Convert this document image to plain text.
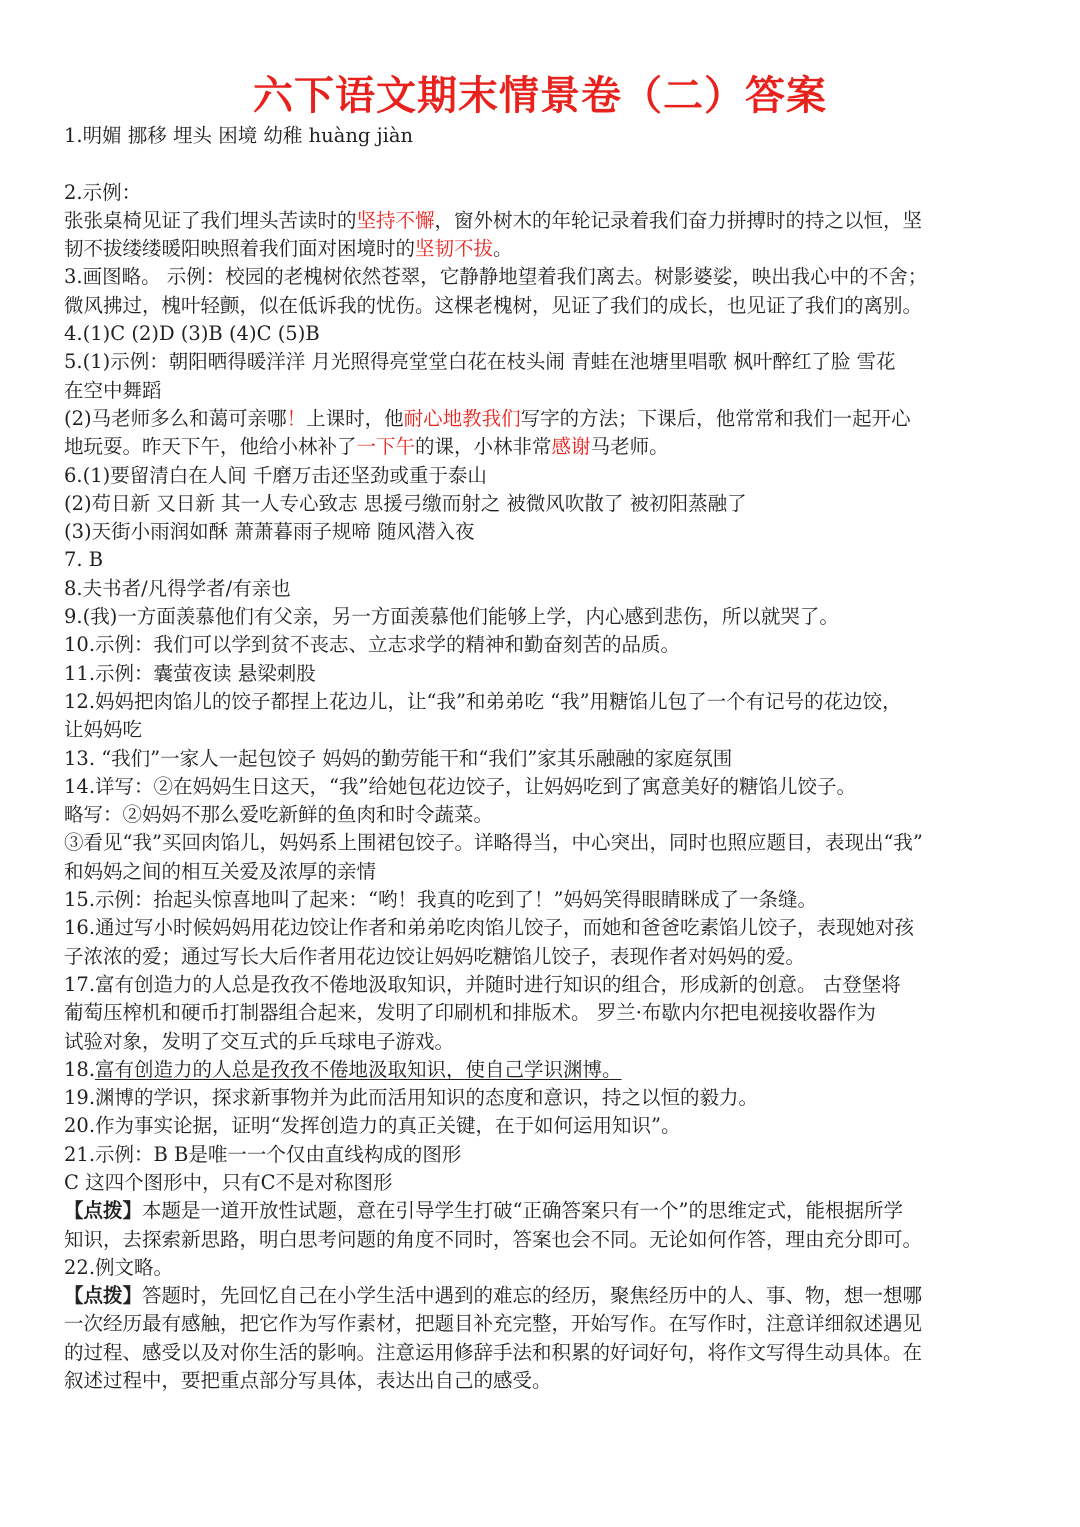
六下语文期末情景卷（二）答案
1.明媚 挪移 埋头 困境 幼稚 huàng jiàn
2.示例：
张张桌椅见证了我们埋头苦读时的坚持不懈，窗外树木的年轮记录着我们奋力拼搏时的持之以恒，坚
韧不拔缕缕暖阳映照着我们面对困境时的坚韧不拔。
3.画图略。 示例：校园的老槐树依然苍翠，它静静地望着我们离去。树影婆娑，映出我心中的不舍；
微风拂过，槐叶轻颤，似在低诉我的忧伤。这棵老槐树，见证了我们的成长，也见证了我们的离别。
4.(1)C (2)D (3)B (4)C (5)B
5.(1)示例：朝阳晒得暖洋洋 月光照得亮堂堂白花在枝头闹 青蛙在池塘里唱歌 枫叶醉红了脸 雪花
在空中舞蹈
(2)马老师多么和蔼可亲哪！上课时，他耐心地教我们写字的方法；下课后，他常常和我们一起开心
地玩耍。昨天下午，他给小林补了一下午的课，小林非常感谢马老师。
6.(1)要留清白在人间 千磨万击还坚劲或重于泰山
(2)苟日新 又日新 其一人专心致志 思援弓缴而射之 被微风吹散了 被初阳蒸融了
(3)天街小雨润如酥 萧萧暮雨子规啼 随风潜入夜
7. B
8.夫书者/凡得学者/有亲也
9.(我)一方面羡慕他们有父亲，另一方面羡慕他们能够上学，内心感到悲伤，所以就哭了。
10.示例：我们可以学到贫不丧志、立志求学的精神和勤奋刻苦的品质。
11.示例：囊萤夜读 悬梁刺股
12.妈妈把肉馅儿的饺子都捏上花边儿，让“我”和弟弟吃 “我”用糖馅儿包了一个有记号的花边饺，
让妈妈吃
13. “我们”一家人一起包饺子 妈妈的勤劳能干和“我们”家其乐融融的家庭氛围
14.详写：②在妈妈生日这天，“我”给她包花边饺子，让妈妈吃到了寓意美好的糖馅儿饺子。
略写：②妈妈不那么爱吃新鲜的鱼肉和时令蔬菜。
③看见“我”买回肉馅儿，妈妈系上围裙包饺子。详略得当，中心突出，同时也照应题目，表现出“我”
和妈妈之间的相互关爱及浓厚的亲情
15.示例：抬起头惊喜地叫了起来：“哟！我真的吃到了！”妈妈笑得眼睛眯成了一条缝。
16.通过写小时候妈妈用花边饺让作者和弟弟吃肉馅儿饺子，而她和爸爸吃素馅儿饺子，表现她对孩
子浓浓的爱；通过写长大后作者用花边饺让妈妈吃糖馅儿饺子，表现作者对妈妈的爱。
17.富有创造力的人总是孜孜不倦地汲取知识，并随时进行知识的组合，形成新的创意。 古登堡将
葡萄压榨机和硬币打制器组合起来，发明了印刷机和排版术。 罗兰·布歇内尔把电视接收器作为
试验对象，发明了交互式的乒乓球电子游戏。
18.富有创造力的人总是孜孜不倦地汲取知识，使自己学识渊博。
19.渊博的学识，探求新事物并为此而活用知识的态度和意识，持之以恒的毅力。
20.作为事实论据，证明“发挥创造力的真正关键，在于如何运用知识”。
21.示例：B B是唯一一个仅由直线构成的图形
C 这四个图形中，只有C不是对称图形
【点拨】本题是一道开放性试题，意在引导学生打破“正确答案只有一个”的思维定式，能根据所学
知识，去探索新思路，明白思考问题的角度不同时，答案也会不同。无论如何作答，理由充分即可。
22.例文略。
【点拨】答题时，先回忆自己在小学生活中遇到的难忘的经历，聚焦经历中的人、事、物，想一想哪
一次经历最有感触，把它作为写作素材，把题目补充完整，开始写作。在写作时，注意详细叙述遇见
的过程、感受以及对你生活的影响。注意运用修辞手法和积累的好词好句，将作文写得生动具体。在
叙述过程中，要把重点部分写具体，表达出自己的感受。
